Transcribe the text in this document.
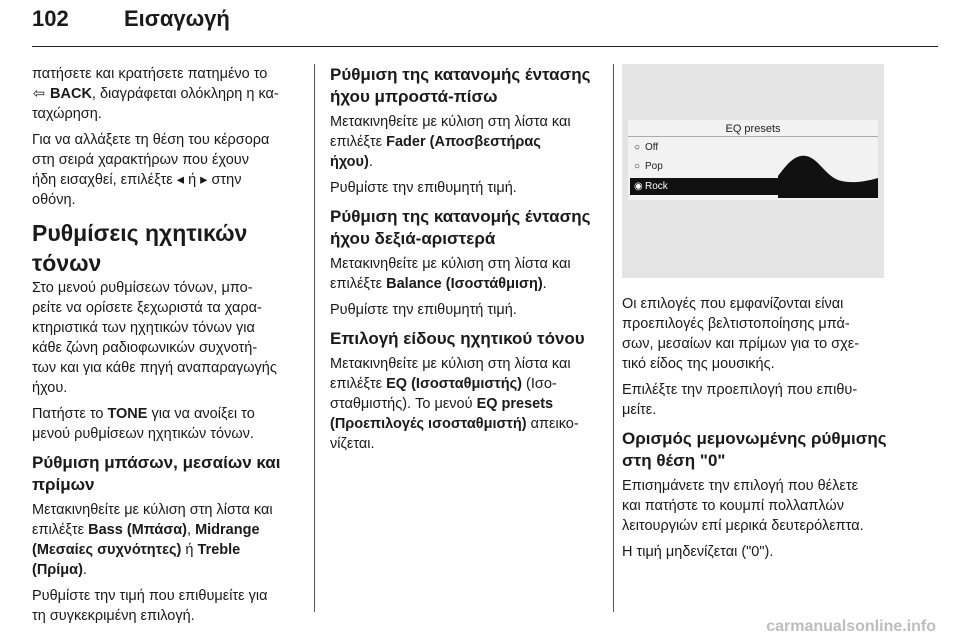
102	Εισαγωγή

πατήσετε και κρατήσετε πατημένο το
⇦ BACK, διαγράφεται ολόκληρη η κα-
ταχώρηση.

Για να αλλάξετε τη θέση του κέρσορα
στη σειρά χαρακτήρων που έχουν
ήδη εισαχθεί, επιλέξτε ◂ ή ▸ στην
οθόνη.

Ρυθμίσεις ηχητικών τόνων

Στο μενού ρυθμίσεων τόνων, μπο-
ρείτε να ορίσετε ξεχωριστά τα χαρα-
κτηριστικά των ηχητικών τόνων για
κάθε ζώνη ραδιοφωνικών συχνοτή-
των και για κάθε πηγή αναπαραγωγής
ήχου.

Πατήστε το TONE για να ανοίξει το
μενού ρυθμίσεων ηχητικών τόνων.

Ρύθμιση μπάσων, μεσαίων και
πρίμων

Μετακινηθείτε με κύλιση στη λίστα και
επιλέξτε Bass (Μπάσα), Midrange
(Μεσαίες συχνότητες) ή Treble
(Πρίμα).

Ρυθμίστε την τιμή που επιθυμείτε για
τη συγκεκριμένη επιλογή.

Ρύθμιση της κατανομής έντασης
ήχου μπροστά-πίσω

Μετακινηθείτε με κύλιση στη λίστα και
επιλέξτε Fader (Αποσβεστήρας
ήχου).

Ρυθμίστε την επιθυμητή τιμή.

Ρύθμιση της κατανομής έντασης
ήχου δεξιά-αριστερά

Μετακινηθείτε με κύλιση στη λίστα και
επιλέξτε Balance (Ισοστάθμιση).

Ρυθμίστε την επιθυμητή τιμή.

Επιλογή είδους ηχητικού τόνου

Μετακινηθείτε με κύλιση στη λίστα και
επιλέξτε EQ (Ισοσταθμιστής) (Ισο-
σταθμιστής). Το μενού EQ presets
(Προεπιλογές ισοσταθμιστή) απεικο-
νίζεται.

EQ presets
○ Off
○ Pop
◉ Rock

Οι επιλογές που εμφανίζονται είναι
προεπιλογές βελτιστοποίησης μπά-
σων, μεσαίων και πρίμων για το σχε-
τικό είδος της μουσικής.

Επιλέξτε την προεπιλογή που επιθυ-
μείτε.

Ορισμός μεμονωμένης ρύθμισης
στη θέση "0"

Επισημάνετε την επιλογή που θέλετε
και πατήστε το κουμπί πολλαπλών
λειτουργιών επί μερικά δευτερόλεπτα.

Η τιμή μηδενίζεται ("0").

carmanualsonline.info
